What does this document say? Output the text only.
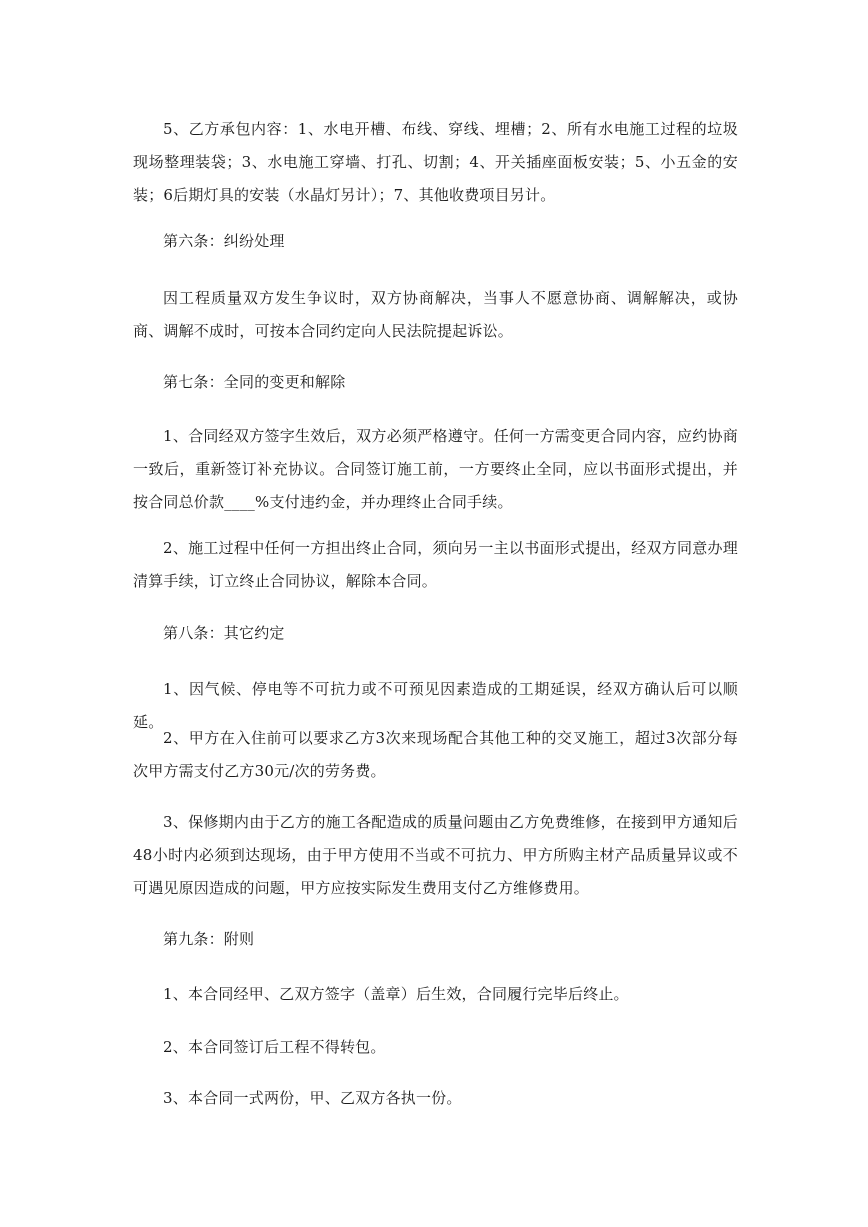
5、乙方承包内容：1、水电开槽、布线、穿线、埋槽；2、所有水电施工过程的垃圾现场整理装袋；3、水电施工穿墙、打孔、切割；4、开关插座面板安装；5、小五金的安装；6后期灯具的安装（水晶灯另计）；7、其他收费项目另计。

第六条：纠纷处理

因工程质量双方发生争议时，双方协商解决，当事人不愿意协商、调解解决，或协商、调解不成时，可按本合同约定向人民法院提起诉讼。

第七条：全同的变更和解除

1、合同经双方签字生效后，双方必须严格遵守。任何一方需变更合同内容，应约协商一致后，重新签订补充协议。合同签订施工前，一方要终止全同，应以书面形式提出，并按合同总价款____%支付违约金，并办理终止合同手续。

2、施工过程中任何一方担出终止合同，须向另一主以书面形式提出，经双方同意办理清算手续，订立终止合同协议，解除本合同。

第八条：其它约定

1、因气候、停电等不可抗力或不可预见因素造成的工期延误，经双方确认后可以顺延。

2、甲方在入住前可以要求乙方3次来现场配合其他工种的交叉施工，超过3次部分每次甲方需支付乙方30元/次的劳务费。

3、保修期内由于乙方的施工各配造成的质量问题由乙方免费维修，在接到甲方通知后48小时内必须到达现场，由于甲方使用不当或不可抗力、甲方所购主材产品质量异议或不可遇见原因造成的问题，甲方应按实际发生费用支付乙方维修费用。

第九条：附则

1、本合同经甲、乙双方签字（盖章）后生效，合同履行完毕后终止。

2、本合同签订后工程不得转包。

3、本合同一式两份，甲、乙双方各执一份。
